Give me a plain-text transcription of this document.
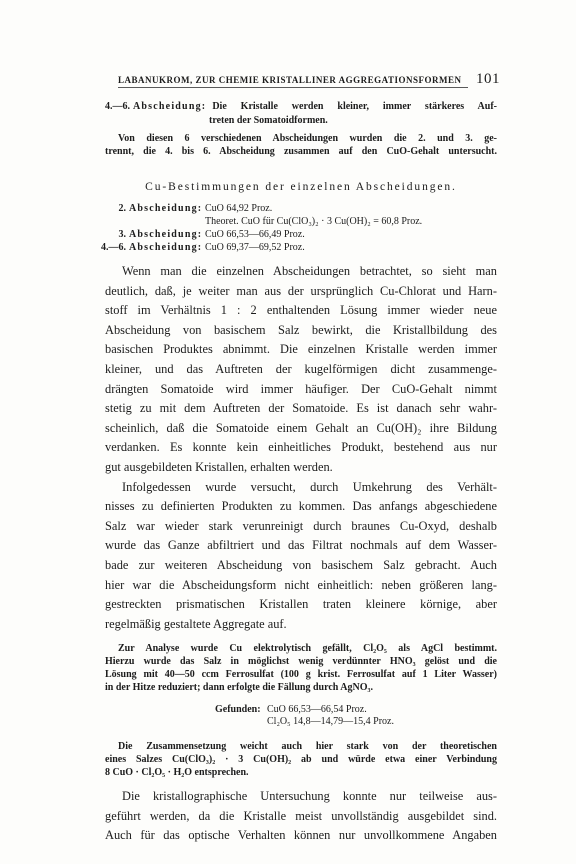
LABANUKROM, ZUR CHEMIE KRISTALLINER AGGREGATIONSFORMEN 101
4.—6. Abscheidung: Die Kristalle werden kleiner, immer stärkeres Auf-
treten der Somatoidformen.
Von diesen 6 verschiedenen Abscheidungen wurden die 2. und 3. ge-
trennt, die 4. bis 6. Abscheidung zusammen auf den CuO-Gehalt untersucht.
Cu-Bestimmungen der einzelnen Abscheidungen.
2. Abscheidung: CuO 64,92 Proz.
Theoret. CuO für Cu(ClO₃)₂ · 3 Cu(OH)₂ = 60,8 Proz.
3. Abscheidung: CuO 66,53—66,49 Proz.
4.—6. Abscheidung: CuO 69,37—69,52 Proz.
Wenn man die einzelnen Abscheidungen betrachtet, so sieht man
deutlich, daß, je weiter man aus der ursprünglich Cu-Chlorat und Harn-
stoff im Verhältnis 1 : 2 enthaltenden Lösung immer wieder neue
Abscheidung von basischem Salz bewirkt, die Kristallbildung des
basischen Produktes abnimmt. Die einzelnen Kristalle werden immer
kleiner, und das Auftreten der kugelförmigen dicht zusammenge-
drängten Somatoide wird immer häufiger. Der CuO-Gehalt nimmt
stetig zu mit dem Auftreten der Somatoide. Es ist danach sehr wahr-
scheinlich, daß die Somatoide einem Gehalt an Cu(OH)₂ ihre Bildung
verdanken. Es konnte kein einheitliches Produkt, bestehend aus nur
gut ausgebildeten Kristallen, erhalten werden.
Infolgedessen wurde versucht, durch Umkehrung des Verhält-
nisses zu definierten Produkten zu kommen. Das anfangs abgeschiedene
Salz war wieder stark verunreinigt durch braunes Cu-Oxyd, deshalb
wurde das Ganze abfiltriert und das Filtrat nochmals auf dem Wasser-
bade zur weiteren Abscheidung von basischem Salz gebracht. Auch
hier war die Abscheidungsform nicht einheitlich: neben größeren lang-
gestreckten prismatischen Kristallen traten kleinere körnige, aber
regelmäßig gestaltete Aggregate auf.
Zur Analyse wurde Cu elektrolytisch gefällt, Cl₂O₅ als AgCl bestimmt.
Hierzu wurde das Salz in möglichst wenig verdünnter HNO₃ gelöst und die
Lösung mit 40—50 ccm Ferrosulfat (100 g krist. Ferrosulfat auf 1 Liter Wasser)
in der Hitze reduziert; dann erfolgte die Fällung durch AgNO₃.
Gefunden: CuO 66,53—66,54 Proz.
Cl₂O₅ 14,8—14,79—15,4 Proz.
Die Zusammensetzung weicht auch hier stark von der theoretischen
eines Salzes Cu(ClO₃)₂ · 3 Cu(OH)₂ ab und würde etwa einer Verbindung
8 CuO · Cl₂O₅ · H₂O entsprechen.
Die kristallographische Untersuchung konnte nur teilweise aus-
geführt werden, da die Kristalle meist unvollständig ausgebildet sind.
Auch für das optische Verhalten können nur unvollkommene Angaben
